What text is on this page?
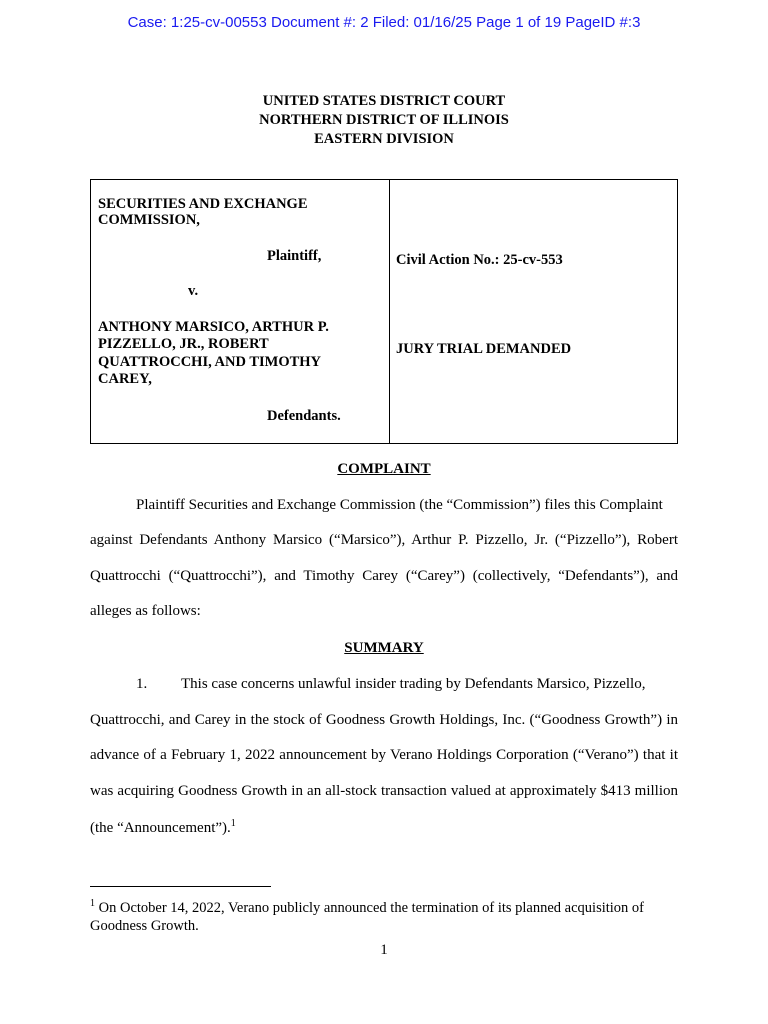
Case: 1:25-cv-00553 Document #: 2 Filed: 01/16/25 Page 1 of 19 PageID #:3
UNITED STATES DISTRICT COURT
NORTHERN DISTRICT OF ILLINOIS
EASTERN DIVISION
SECURITIES AND EXCHANGE
COMMISSION,
Plaintiff,
v.
ANTHONY MARSICO, ARTHUR P.
PIZZELLO, JR., ROBERT
QUATTROCCHI, AND TIMOTHY
CAREY,
Defendants.
Civil Action No.: 25-cv-553
JURY TRIAL DEMANDED
COMPLAINT
Plaintiff Securities and Exchange Commission (the “Commission”) files this Complaint
against Defendants Anthony Marsico (“Marsico”), Arthur P. Pizzello, Jr. (“Pizzello”), Robert
Quattrocchi (“Quattrocchi”), and Timothy Carey (“Carey”) (collectively, “Defendants”), and
alleges as follows:
SUMMARY
1. This case concerns unlawful insider trading by Defendants Marsico, Pizzello,
Quattrocchi, and Carey in the stock of Goodness Growth Holdings, Inc. (“Goodness Growth”) in
advance of a February 1, 2022 announcement by Verano Holdings Corporation (“Verano”) that it
was acquiring Goodness Growth in an all-stock transaction valued at approximately $413 million
(the “Announcement”).$^1$
$^1$ On October 14, 2022, Verano publicly announced the termination of its planned acquisition of Goodness Growth.
1
